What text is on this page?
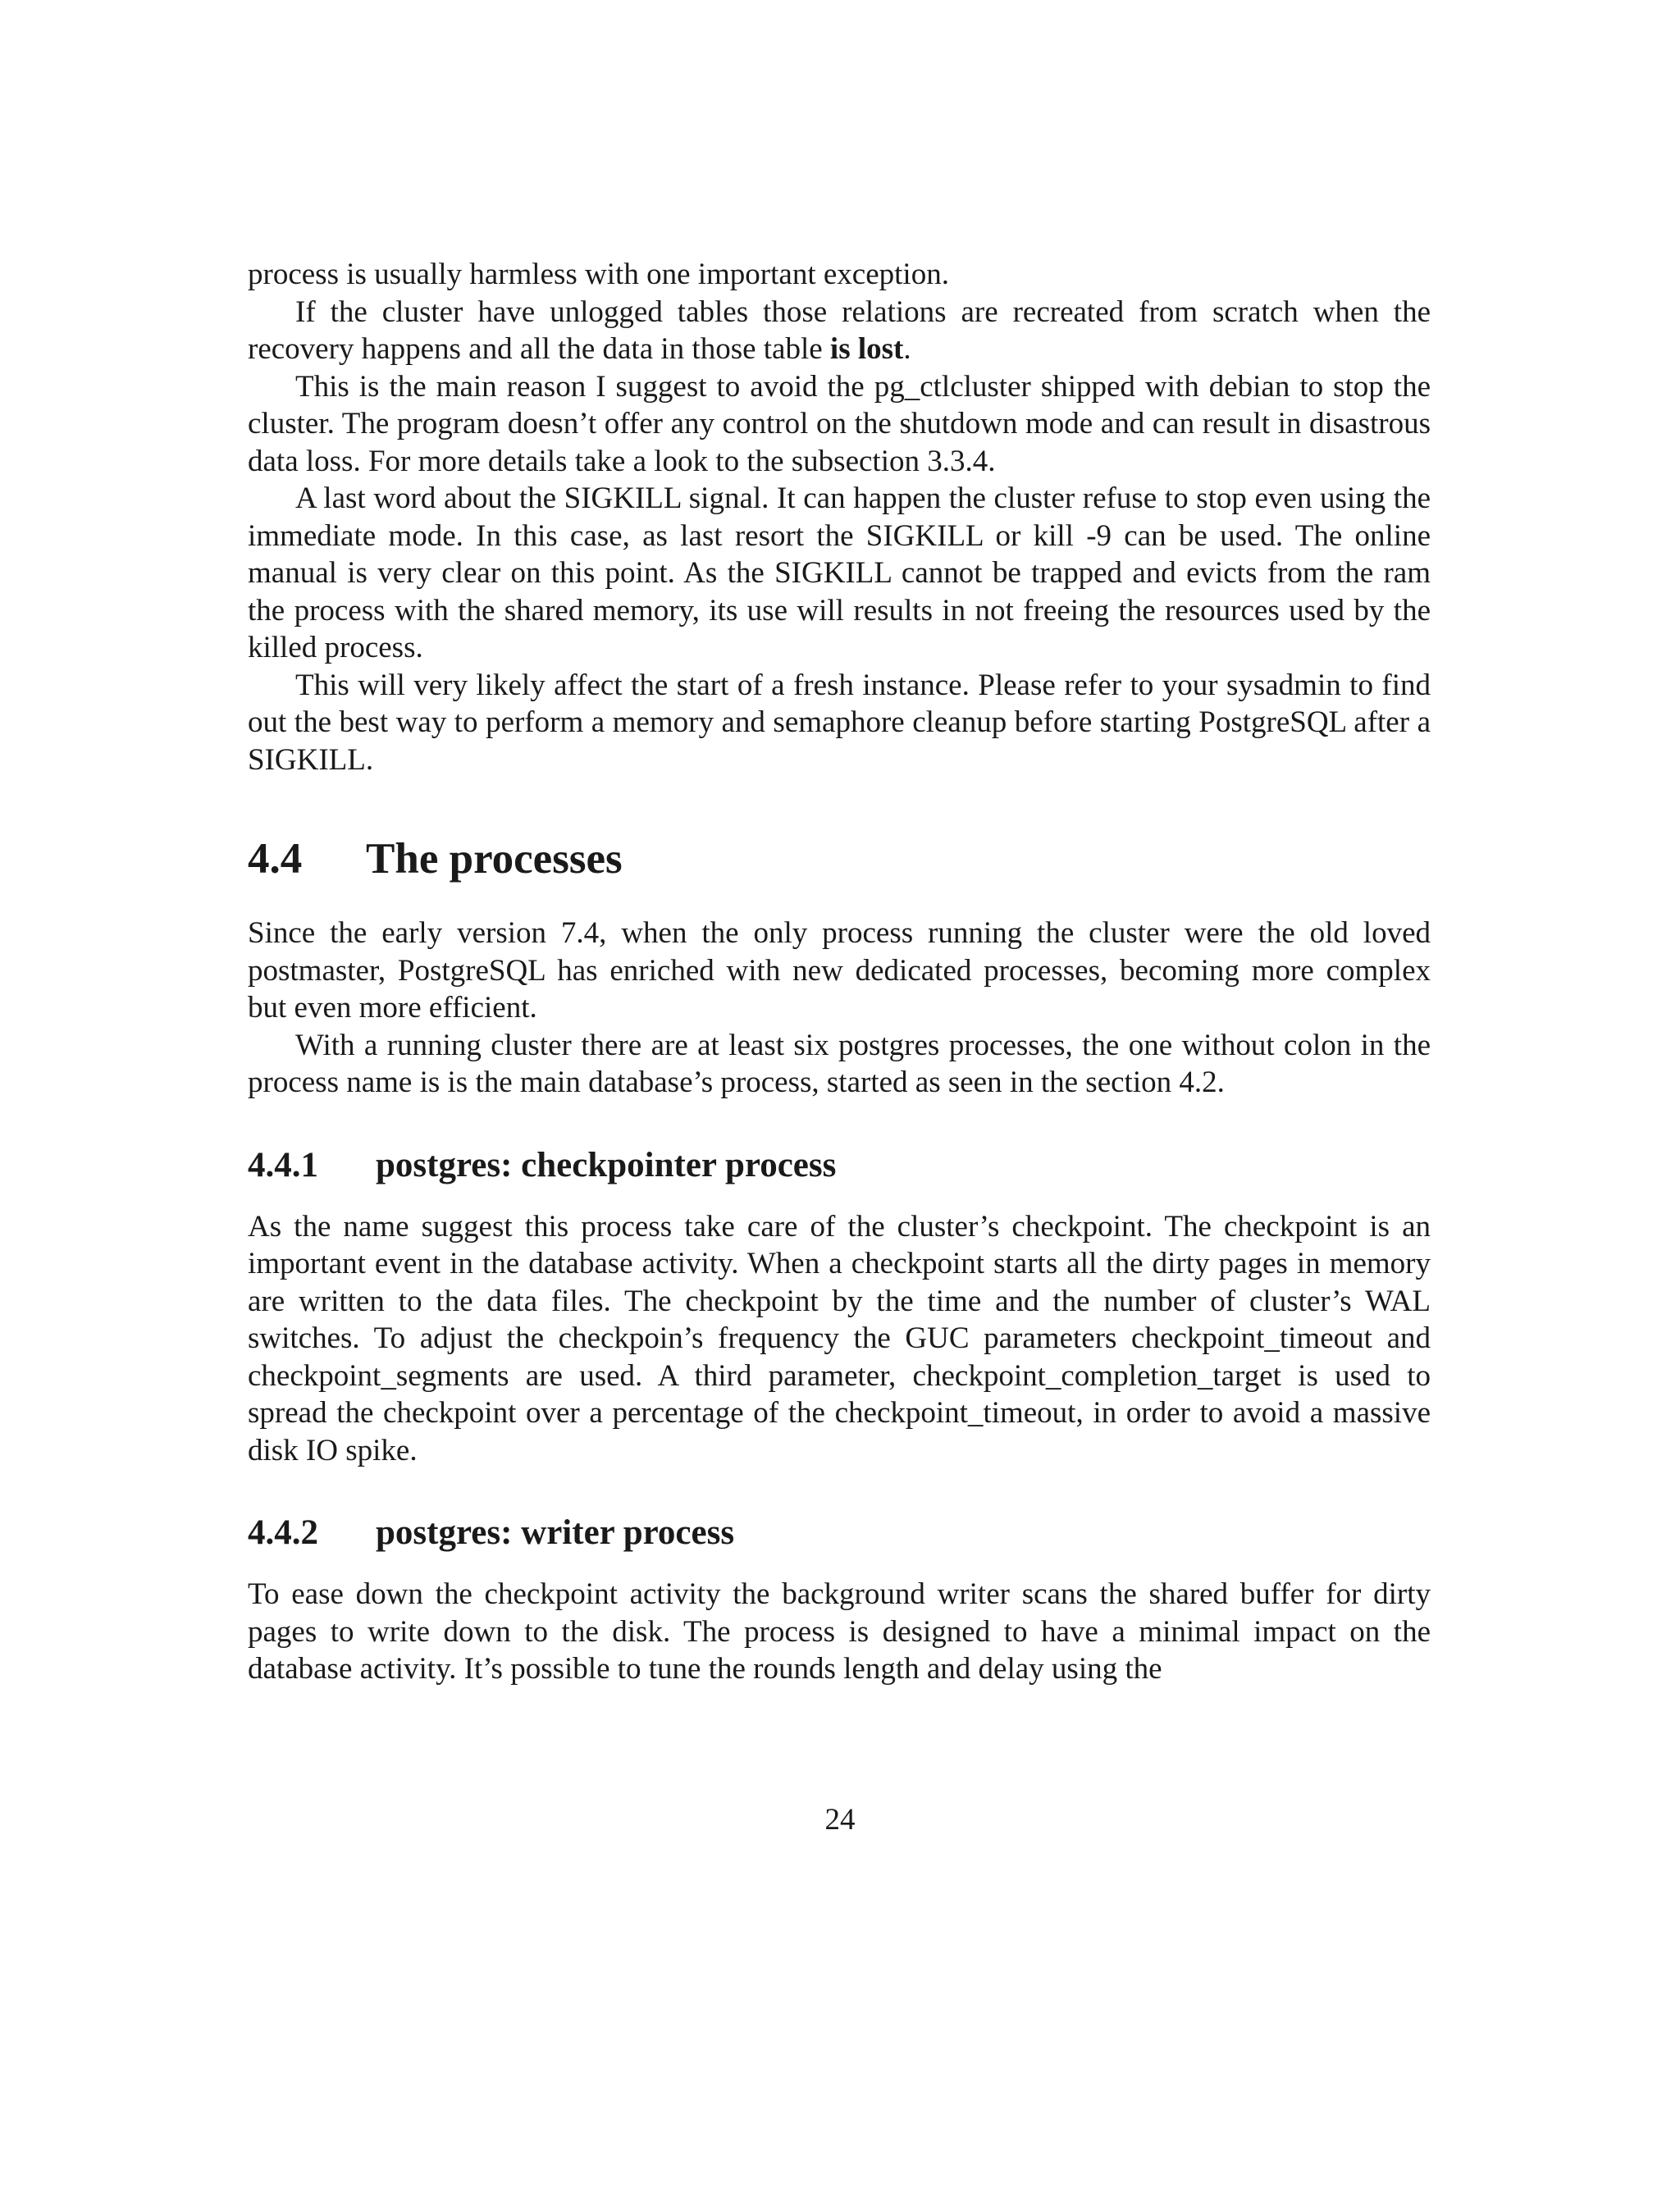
process is usually harmless with one important exception.

If the cluster have unlogged tables those relations are recreated from scratch when the recovery happens and all the data in those table is lost.

This is the main reason I suggest to avoid the pg_ctlcluster shipped with debian to stop the cluster. The program doesn’t offer any control on the shutdown mode and can result in disastrous data loss. For more details take a look to the subsection 3.3.4.

A last word about the SIGKILL signal. It can happen the cluster refuse to stop even using the immediate mode. In this case, as last resort the SIGKILL or kill -9 can be used. The online manual is very clear on this point. As the SIGKILL cannot be trapped and evicts from the ram the process with the shared memory, its use will results in not freeing the resources used by the killed process.

This will very likely affect the start of a fresh instance. Please refer to your sysadmin to find out the best way to perform a memory and semaphore cleanup before starting PostgreSQL after a SIGKILL.

4.4 The processes

Since the early version 7.4, when the only process running the cluster were the old loved postmaster, PostgreSQL has enriched with new dedicated processes, becoming more complex but even more efficient.

With a running cluster there are at least six postgres processes, the one without colon in the process name is is the main database’s process, started as seen in the section 4.2.

4.4.1 postgres: checkpointer process

As the name suggest this process take care of the cluster’s checkpoint. The checkpoint is an important event in the database activity. When a checkpoint starts all the dirty pages in memory are written to the data files. The checkpoint by the time and the number of cluster’s WAL switches. To adjust the checkpoin’s frequency the GUC parameters checkpoint_timeout and checkpoint_segments are used. A third parameter, checkpoint_completion_target is used to spread the checkpoint over a percentage of the checkpoint_timeout, in order to avoid a massive disk IO spike.

4.4.2 postgres: writer process

To ease down the checkpoint activity the background writer scans the shared buffer for dirty pages to write down to the disk. The process is designed to have a minimal impact on the database activity. It’s possible to tune the rounds length and delay using the

24
